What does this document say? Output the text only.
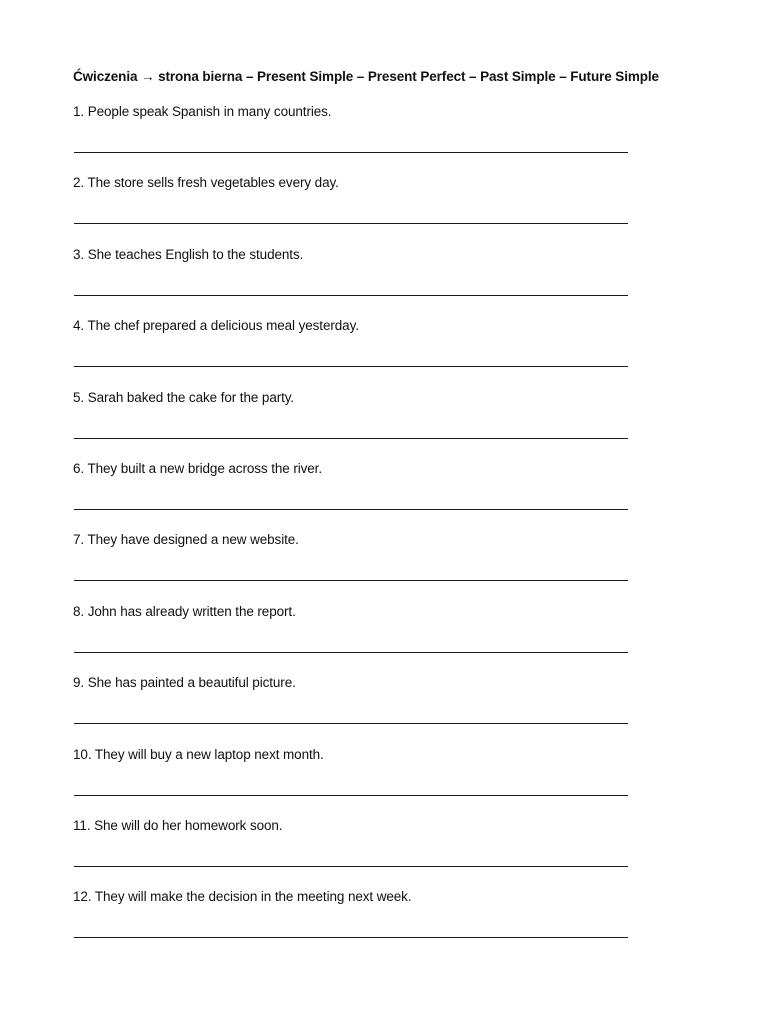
Ćwiczenia → strona bierna – Present Simple – Present Perfect – Past Simple – Future Simple
1. People speak Spanish in many countries.
2. The store sells fresh vegetables every day.
3. She teaches English to the students.
4. The chef prepared a delicious meal yesterday.
5. Sarah baked the cake for the party.
6. They built a new bridge across the river.
7. They have designed a new website.
8. John has already written the report.
9. She has painted a beautiful picture.
10. They will buy a new laptop next month.
11. She will do her homework soon.
12. They will make the decision in the meeting next week.
